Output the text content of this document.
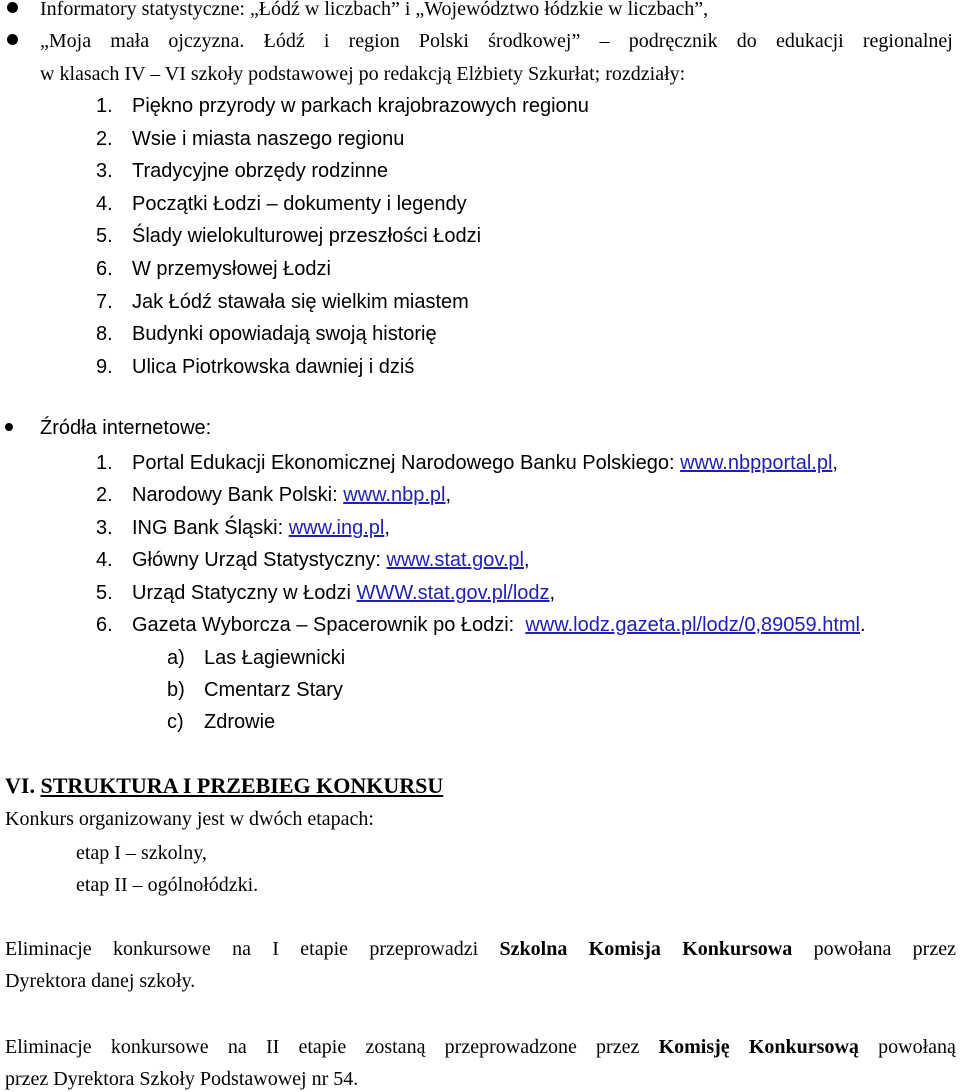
Informatory statystyczne: „Łódź w liczbach” i „Województwo łódzkie w liczbach”,
„Moja mała ojczyzna. Łódź i region Polski środkowej” – podręcznik do edukacji regionalnej
w klasach IV – VI szkoły podstawowej po redakcją Elżbiety Szkurłat; rozdziały:
1. Piękno przyrody w parkach krajobrazowych regionu
2. Wsie i miasta naszego regionu
3. Tradycyjne obrzędy rodzinne
4. Początki Łodzi – dokumenty i legendy
5. Ślady wielokulturowej przeszłości Łodzi
6. W przemysłowej Łodzi
7. Jak Łódź stawała się wielkim miastem
8. Budynki opowiadają swoją historię
9. Ulica Piotrkowska dawniej i dziś
Źródła internetowe:
1. Portal Edukacji Ekonomicznej Narodowego Banku Polskiego: www.nbpportal.pl,
2. Narodowy Bank Polski: www.nbp.pl,
3. ING Bank Śląski: www.ing.pl,
4. Główny Urząd Statystyczny: www.stat.gov.pl,
5. Urząd Statyczny w Łodzi WWW.stat.gov.pl/lodz,
6. Gazeta Wyborcza – Spacerownik po Łodzi:  www.lodz.gazeta.pl/lodz/0,89059.html.
a) Las Łagiewnicki
b) Cmentarz Stary
c) Zdrowie
VI. STRUKTURA I PRZEBIEG KONKURSU
Konkurs organizowany jest w dwóch etapach:
etap I – szkolny,
etap II – ogólnołódzki.
Eliminacje konkursowe na I etapie przeprowadzi Szkolna Komisja Konkursowa powołana przez
Dyrektora danej szkoły.
Eliminacje konkursowe na II etapie zostaną przeprowadzone przez Komisję Konkursową powołaną
przez Dyrektora Szkoły Podstawowej nr 54.
